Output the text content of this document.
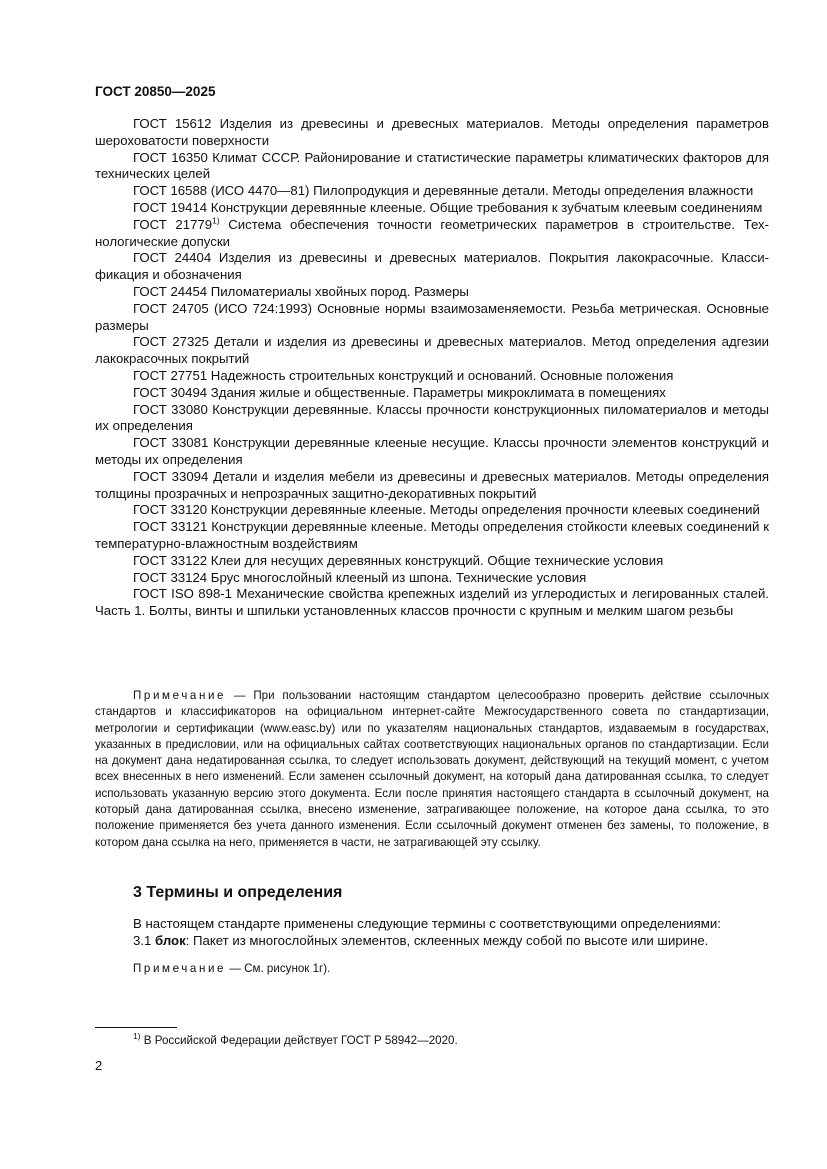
ГОСТ 20850—2025

ГОСТ 15612 Изделия из древесины и древесных материалов. Методы определения параметров шероховатости поверхности

ГОСТ 16350 Климат СССР. Районирование и статистические параметры климатических факторов для технических целей

ГОСТ 16588 (ИСО 4470—81) Пилопродукция и деревянные детали. Методы определения влажности

ГОСТ 19414 Конструкции деревянные клееные. Общие требования к зубчатым клеевым соединениям

ГОСТ 21779$^{1)}$ Система обеспечения точности геометрических параметров в строительстве. Технологические допуски

ГОСТ 24404 Изделия из древесины и древесных материалов. Покрытия лакокрасочные. Классификация и обозначения

ГОСТ 24454 Пиломатериалы хвойных пород. Размеры

ГОСТ 24705 (ИСО 724:1993) Основные нормы взаимозаменяемости. Резьба метрическая. Основные размеры

ГОСТ 27325 Детали и изделия из древесины и древесных материалов. Метод определения адгезии лакокрасочных покрытий

ГОСТ 27751 Надежность строительных конструкций и оснований. Основные положения

ГОСТ 30494 Здания жилые и общественные. Параметры микроклимата в помещениях

ГОСТ 33080 Конструкции деревянные. Классы прочности конструкционных пиломатериалов и методы их определения

ГОСТ 33081 Конструкции деревянные клееные несущие. Классы прочности элементов конструкций и методы их определения

ГОСТ 33094 Детали и изделия мебели из древесины и древесных материалов. Методы определения толщины прозрачных и непрозрачных защитно-декоративных покрытий

ГОСТ 33120 Конструкции деревянные клееные. Методы определения прочности клеевых соединений

ГОСТ 33121 Конструкции деревянные клееные. Методы определения стойкости клеевых соединений к температурно-влажностным воздействиям

ГОСТ 33122 Клеи для несущих деревянных конструкций. Общие технические условия

ГОСТ 33124 Брус многослойный клееный из шпона. Технические условия

ГОСТ ISO 898-1 Механические свойства крепежных изделий из углеродистых и легированных сталей. Часть 1. Болты, винты и шпильки установленных классов прочности с крупным и мелким шагом резьбы

Примечание — При пользовании настоящим стандартом целесообразно проверить действие ссылочных стандартов и классификаторов на официальном интернет-сайте Межгосударственного совета по стандартизации, метрологии и сертификации (www.easc.by) или по указателям национальных стандартов, издаваемым в государствах, указанных в предисловии, или на официальных сайтах соответствующих национальных органов по стандартизации. Если на документ дана недатированная ссылка, то следует использовать документ, действующий на текущий момент, с учетом всех внесенных в него изменений. Если заменен ссылочный документ, на который дана датированная ссылка, то следует использовать указанную версию этого документа. Если после принятия настоящего стандарта в ссылочный документ, на который дана датированная ссылка, внесено изменение, затрагивающее положение, на которое дана ссылка, то это положение применяется без учета данного изменения. Если ссылочный документ отменен без замены, то положение, в котором дана ссылка на него, применяется в части, не затрагивающей эту ссылку.
3 Термины и определения
В настоящем стандарте применены следующие термины с соответствующими определениями:
3.1 блок: Пакет из многослойных элементов, склеенных между собой по высоте или ширине.
Примечание — См. рисунок 1г).
$^{1)}$ В Российской Федерации действует ГОСТ Р 58942—2020.
2
